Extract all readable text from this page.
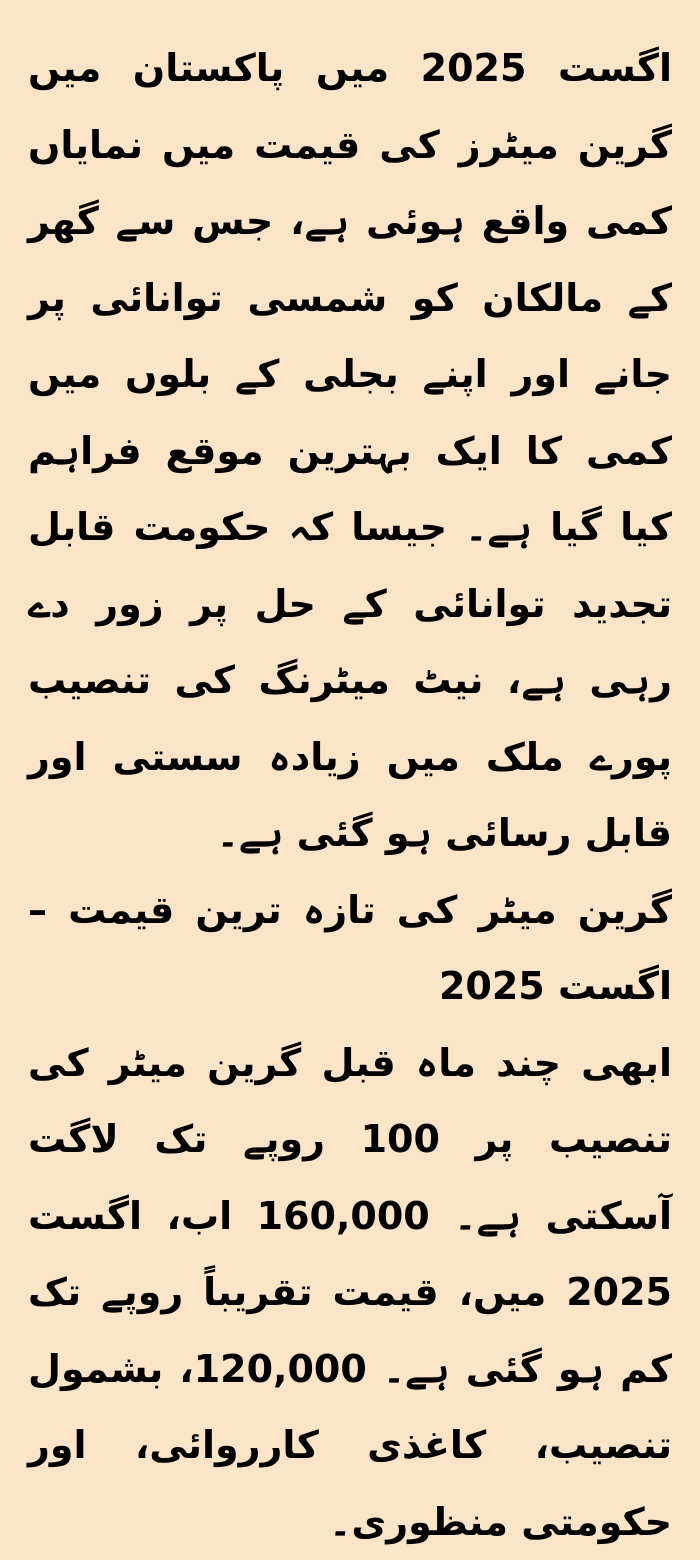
اگست 2025 میں پاکستان میں گرین میٹرز کی قیمت میں نمایاں کمی واقع ہوئی ہے، جس سے گھر کے مالکان کو شمسی توانائی پر جانے اور اپنے بجلی کے بلوں میں کمی کا ایک بہترین موقع فراہم کیا گیا ہے۔ جیسا کہ حکومت قابل تجدید توانائی کے حل پر زور دے رہی ہے، نیٹ میٹرنگ کی تنصیب پورے ملک میں زیادہ سستی اور قابل رسائی ہو گئی ہے۔

گرین میٹر کی تازہ ترین قیمت – اگست 2025

ابھی چند ماہ قبل گرین میٹر کی تنصیب پر 100 روپے تک لاگت آسکتی ہے۔ 160,000 اب، اگست 2025 میں، قیمت تقریباً روپے تک کم ہو گئی ہے۔ 120,000، بشمول تنصیب، کاغذی کارروائی، اور حکومتی منظوری۔
